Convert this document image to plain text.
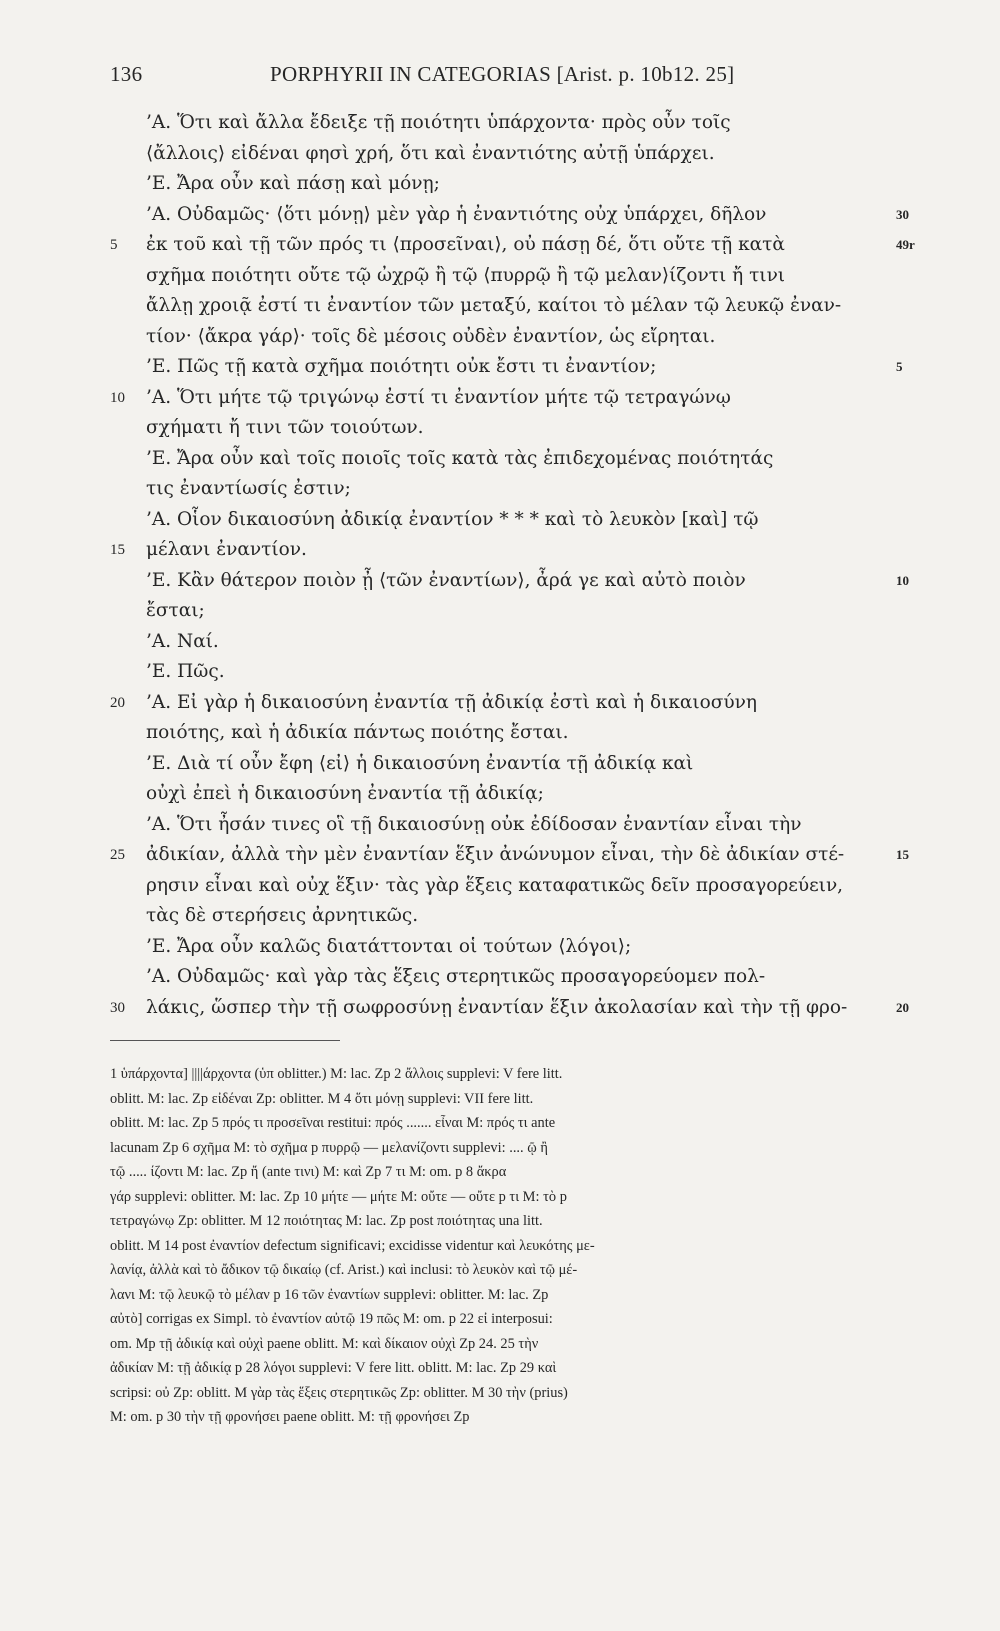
136	PORPHYRII IN CATEGORIAS [Arist. p. 10b12. 25]
’Α. Ὅτι καὶ ἄλλα ἔδειξε τῇ ποιότητι ὑπάρχοντα· πρὸς οὖν τοῖς
⟨ἄλλοις⟩ εἰδέναι φησὶ χρή, ὅτι καὶ ἐναντιότης αὐτῇ ὑπάρχει.
’Ε. Ἄρα οὖν καὶ πάσῃ καὶ μόνῃ;
’Α. Οὐδαμῶς· ⟨ὅτι μόνῃ⟩ μὲν γὰρ ἡ ἐναντιότης οὐχ ὑπάρχει, δῆλον	30
5	ἐκ τοῦ καὶ τῇ τῶν πρός τι ⟨προσεῖναι⟩, οὐ πάσῃ δέ, ὅτι οὔτε τῇ κατὰ	49r
σχῆμα ποιότητι οὔτε τῷ ὠχρῷ ἢ τῷ ⟨πυρρῷ ἢ τῷ μελαν⟩ίζοντι ἤ τινι
ἄλλῃ χροιᾷ ἐστί τι ἐναντίον τῶν μεταξύ, καίτοι τὸ μέλαν τῷ λευκῷ ἐναν-
τίον· ⟨ἄκρα γάρ⟩· τοῖς δὲ μέσοις οὐδὲν ἐναντίον, ὡς εἴρηται.
’Ε. Πῶς τῇ κατὰ σχῆμα ποιότητι οὐκ ἔστι τι ἐναντίον;	5
10	’Α. Ὅτι μήτε τῷ τριγώνῳ ἐστί τι ἐναντίον μήτε τῷ τετραγώνῳ
σχήματι ἤ τινι τῶν τοιούτων.
’Ε. Ἄρα οὖν καὶ τοῖς ποιοῖς τοῖς κατὰ τὰς ἐπιδεχομένας ποιότητάς
τις ἐναντίωσίς ἐστιν;
’Α. Οἷον δικαιοσύνη ἀδικίᾳ ἐναντίον * * * καὶ τὸ λευκὸν [καὶ] τῷ
15	μέλανι ἐναντίον.
’Ε. Κἂν θάτερον ποιὸν ᾖ ⟨τῶν ἐναντίων⟩, ἆρά γε καὶ αὐτὸ ποιὸν	10
ἔσται;
’Α. Ναί.
’Ε. Πῶς.
20	’Α. Εἰ γὰρ ἡ δικαιοσύνη ἐναντία τῇ ἀδικίᾳ ἐστὶ καὶ ἡ δικαιοσύνη
ποιότης, καὶ ἡ ἀδικία πάντως ποιότης ἔσται.
’Ε. Διὰ τί οὖν ἔφη ⟨εἰ⟩ ἡ δικαιοσύνη ἐναντία τῇ ἀδικίᾳ καὶ
οὐχὶ ἐπεὶ ἡ δικαιοσύνη ἐναντία τῇ ἀδικίᾳ;
’Α. Ὅτι ἦσάν τινες οἳ τῇ δικαιοσύνῃ οὐκ ἐδίδοσαν ἐναντίαν εἶναι τὴν
25	ἀδικίαν, ἀλλὰ τὴν μὲν ἐναντίαν ἕξιν ἀνώνυμον εἶναι, τὴν δὲ ἀδικίαν στέ-	15
ρησιν εἶναι καὶ οὐχ ἕξιν· τὰς γὰρ ἕξεις καταφατικῶς δεῖν προσαγορεύειν,
τὰς δὲ στερήσεις ἀρνητικῶς.
’Ε. Ἄρα οὖν καλῶς διατάττονται οἱ τούτων ⟨λόγοι⟩;
’Α. Οὐδαμῶς· καὶ γὰρ τὰς ἕξεις στερητικῶς προσαγορεύομεν πολ-
30	λάκις, ὥσπερ τὴν τῇ σωφροσύνῃ ἐναντίαν ἕξιν ἀκολασίαν καὶ τὴν τῇ φρο-	20
1 ὑπάρχοντα] ||||άρχοντα (ὑπ oblitter.) M: lac. Zp 2 ἄλλοις supplevi: V fere litt.
oblitt. M: lac. Zp εἰδέναι Zp: oblitter. M 4 ὅτι μόνῃ supplevi: VII fere litt.
oblitt. M: lac. Zp 5 πρός τι προσεῖναι restitui: πρός ....... εἶναι M: πρός τι ante
lacunam Zp 6 σχῆμα M: τὸ σχῆμα p πυρρῷ — μελανίζοντι supplevi: .... ῷ ἢ
τῷ ..... ίζοντι M: lac. Zp ἤ (ante τινι) M: καὶ Zp 7 τι M: om. p 8 ἄκρα
γάρ supplevi: oblitter. M: lac. Zp 10 μήτε — μήτε M: οὔτε — οὔτε p τι M: τὸ p
τετραγώνῳ Zp: oblitter. M 12 ποιότητας M: lac. Zp post ποιότητας una litt.
oblitt. M 14 post ἐναντίον defectum significavi; excidisse videntur καὶ λευκότης με-
λανίᾳ, ἀλλὰ καὶ τὸ ἄδικον τῷ δικαίῳ (cf. Arist.) καὶ inclusi: τὸ λευκὸν καὶ τῷ μέ-
λανι M: τῷ λευκῷ τὸ μέλαν p 16 τῶν ἐναντίων supplevi: oblitter. M: lac. Zp
αὐτὸ] corrigas ex Simpl. τὸ ἐναντίον αὐτῷ 19 πῶς M: om. p 22 εἰ interposui:
om. Mp τῇ ἀδικίᾳ καὶ οὐχὶ paene oblitt. M: καὶ δίκαιον οὐχὶ Zp 24. 25 τὴν
ἀδικίαν M: τῇ ἀδικίᾳ p 28 λόγοι supplevi: V fere litt. oblitt. M: lac. Zp 29 καὶ
scripsi: οὐ Zp: oblitt. M γὰρ τὰς ἕξεις στερητικῶς Zp: oblitter. M 30 τὴν (prius)
M: om. p 30 τὴν τῇ φρονήσει paene oblitt. M: τῇ φρονήσει Zp
